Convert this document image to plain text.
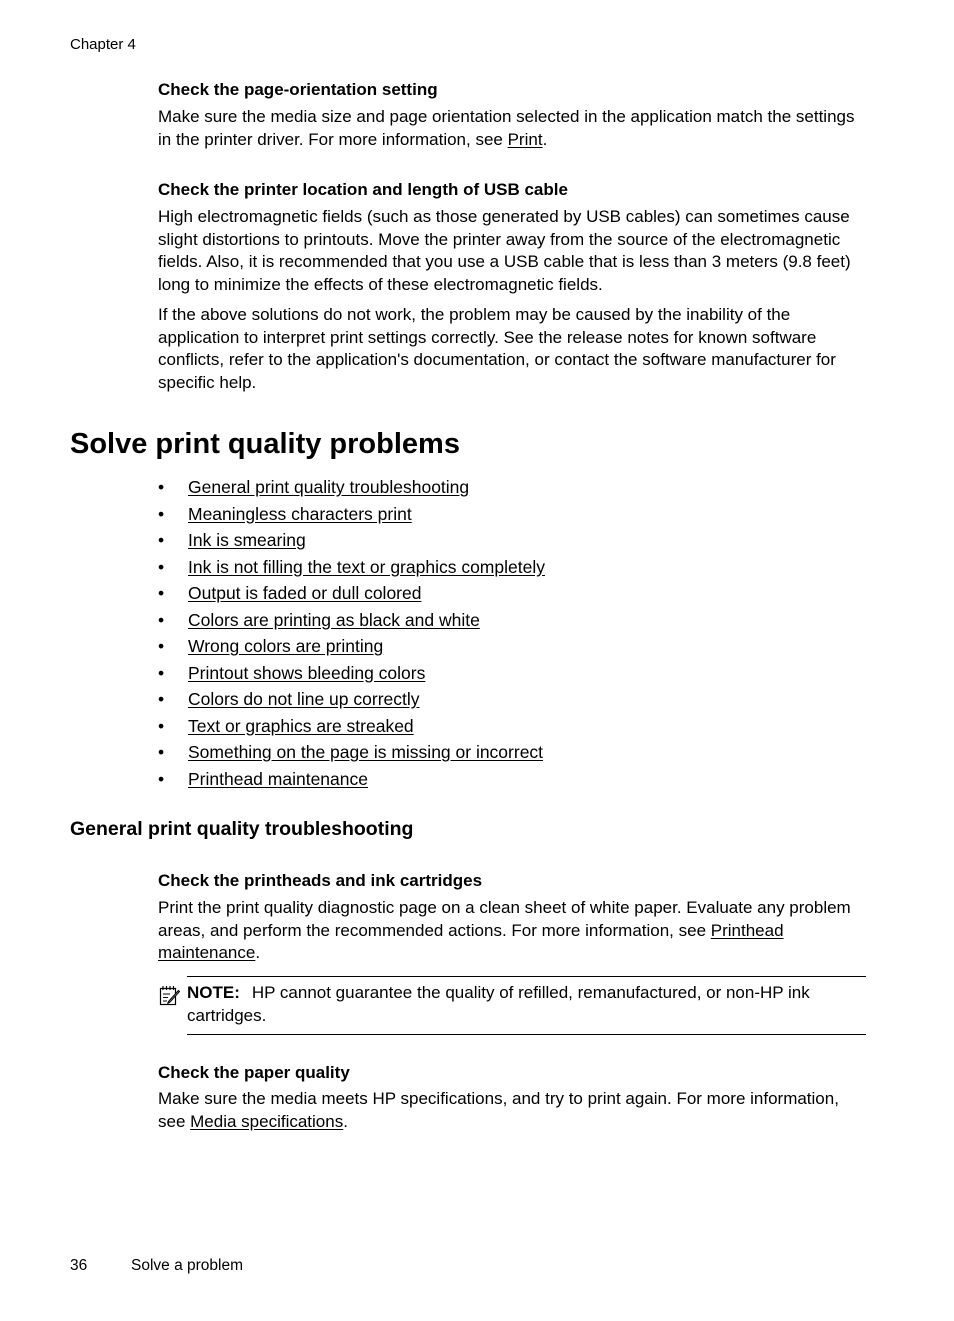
Chapter 4
Check the page-orientation setting

Make sure the media size and page orientation selected in the application match the settings in the printer driver. For more information, see Print.

Check the printer location and length of USB cable

High electromagnetic fields (such as those generated by USB cables) can sometimes cause slight distortions to printouts. Move the printer away from the source of the electromagnetic fields. Also, it is recommended that you use a USB cable that is less than 3 meters (9.8 feet) long to minimize the effects of these electromagnetic fields.

If the above solutions do not work, the problem may be caused by the inability of the application to interpret print settings correctly. See the release notes for known software conflicts, refer to the application's documentation, or contact the software manufacturer for specific help.

Solve print quality problems
• General print quality troubleshooting
• Meaningless characters print
• Ink is smearing
• Ink is not filling the text or graphics completely
• Output is faded or dull colored
• Colors are printing as black and white
• Wrong colors are printing
• Printout shows bleeding colors
• Colors do not line up correctly
• Text or graphics are streaked
• Something on the page is missing or incorrect
• Printhead maintenance
General print quality troubleshooting
Check the printheads and ink cartridges

Print the print quality diagnostic page on a clean sheet of white paper. Evaluate any problem areas, and perform the recommended actions. For more information, see Printhead maintenance.

NOTE: HP cannot guarantee the quality of refilled, remanufactured, or non-HP ink cartridges.
Check the paper quality

Make sure the media meets HP specifications, and try to print again. For more information, see Media specifications.

36	Solve a problem
